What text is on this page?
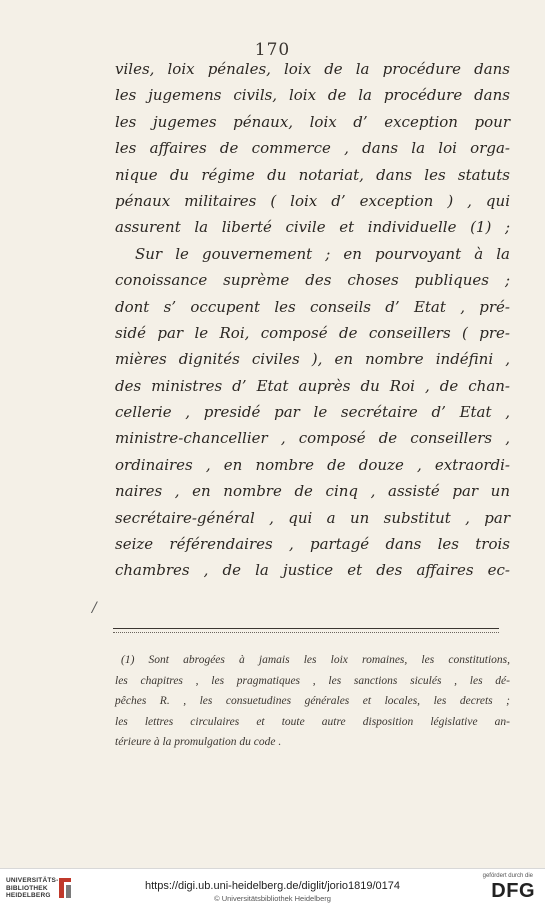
170
viles, loix pénales, loix de la procédure dans
les jugemens civils, loix de la procédure dans
les jugemes pénaux, loix d’ exception pour
les affaires de commerce , dans la loi orga-
nique du régime du notariat, dans les statuts
pénaux militaires ( loix d’ exception ) , qui
assurent la liberté civile et individuelle (1) ;
Sur le gouvernement ; en pourvoyant à la
conoissance suprème des choses publiques ;
dont s’ occupent les conseils d’ Etat , pré-
sidé par le Roi, composé de conseillers ( pre-
mières dignités civiles ), en nombre indéfini ,
des ministres d’ Etat auprès du Roi , de chan-
cellerie , presidé par le secrétaire d’ Etat ,
ministre-chancellier , composé de conseillers ,
ordinaires , en nombre de douze , extraordi-
naires , en nombre de cinq , assisté par un
secrétaire-général , qui a un substitut , par
seize référendaires , partagé dans les trois
chambres , de la justice et des affaires ec-
/
(1) Sont abrogées à jamais les loix romaines, les constitutions,
les chapitres , les pragmatiques , les sanctions siculés , les dé-
pêches R. , les consuetudines générales et locales, les decrets ;
les lettres circulaires et toute autre disposition législative an-
térieure à la promulgation du code .
UNIVERSITÄTS-
BIBLIOTHEK
HEIDELBERG
https://digi.ub.uni-heidelberg.de/diglit/jorio1819/0174
© Universitätsbibliothek Heidelberg
gefördert durch die
DFG
